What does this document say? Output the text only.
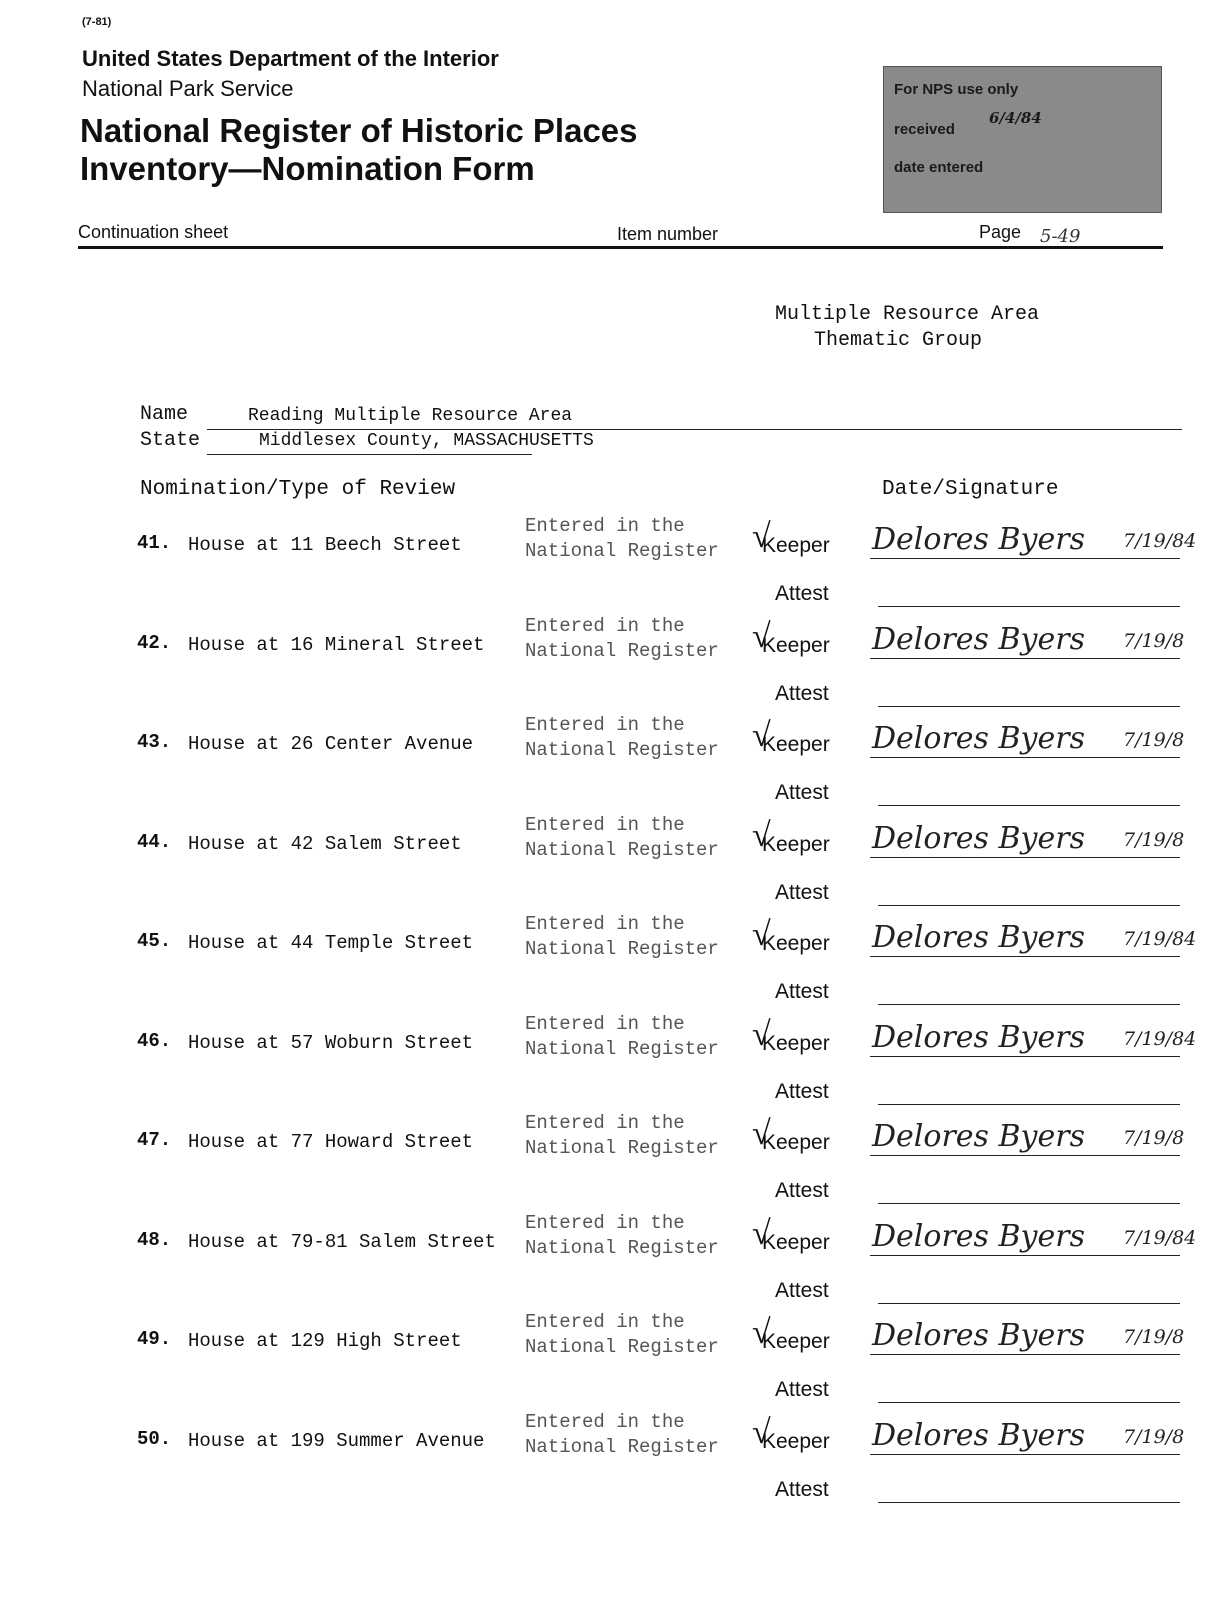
(7-81)
United States Department of the Interior
National Park Service
National Register of Historic Places
Inventory—Nomination Form
For NPS use only
received
6/4/84
date entered
Continuation sheet	Item number	Page 5-49
Multiple Resource Area
Thematic Group
Name	Reading Multiple Resource Area
State	Middlesex County, MASSACHUSETTS
Nomination/Type of Review	Date/Signature
41. House at 11 Beech Street
Entered in the
National Register √
Keeper Delores Byers 7/19/84
Attest
42. House at 16 Mineral Street
Entered in the
National Register √
Keeper Delores Byers 7/19/8
Attest
43. House at 26 Center Avenue
Entered in the
National Register √
Keeper Delores Byers 7/19/8
Attest
44. House at 42 Salem Street
Entered in the
National Register √
Keeper Delores Byers 7/19/8
Attest
45. House at 44 Temple Street
Entered in the
National Register √
Keeper Delores Byers 7/19/84
Attest
46. House at 57 Woburn Street
Entered in the
National Register √
Keeper Delores Byers 7/19/84
Attest
47. House at 77 Howard Street
Entered in the
National Register √
Keeper Delores Byers 7/19/8
Attest
48. House at 79-81 Salem Street
Entered in the
National Register √
Keeper Delores Byers 7/19/84
Attest
49. House at 129 High Street
Entered in the
National Register √
Keeper Delores Byers 7/19/8
Attest
50. House at 199 Summer Avenue
Entered in the
National Register √
Keeper Delores Byers 7/19/8
Attest
